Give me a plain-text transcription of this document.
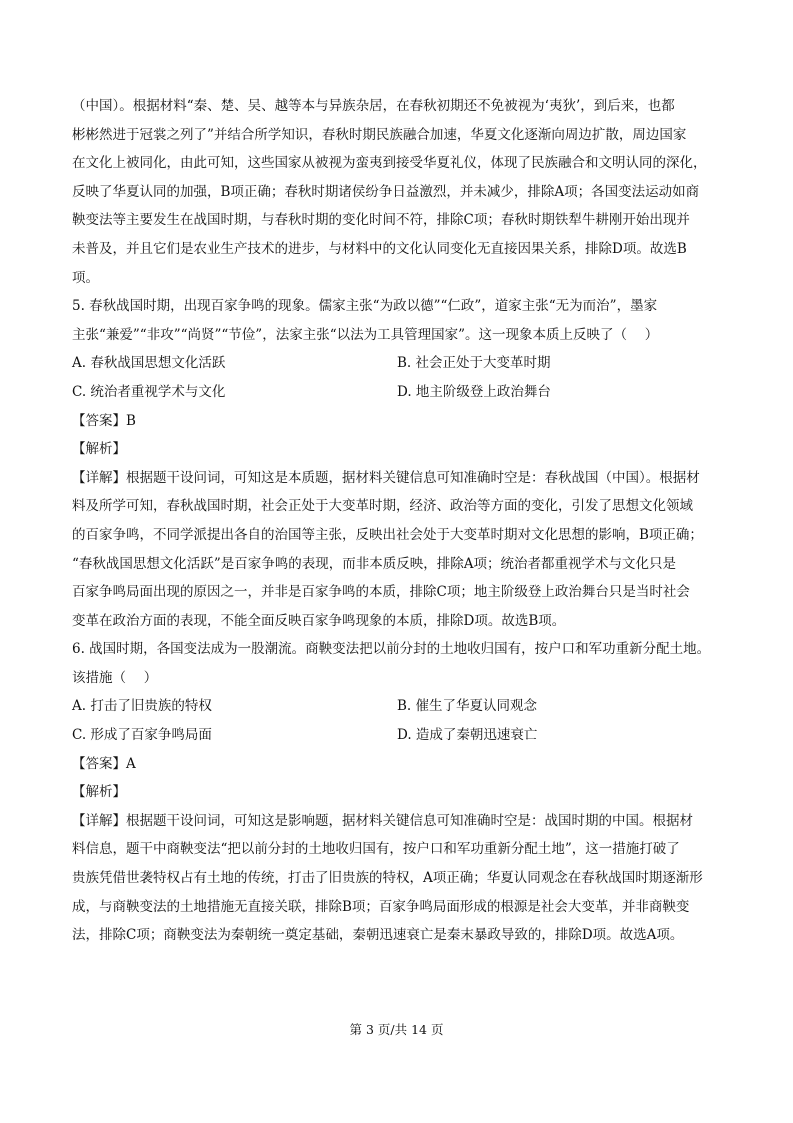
（中国）。根据材料“秦、楚、吴、越等本与异族杂居，在春秋初期还不免被视为‘夷狄’，到后来，也都

彬彬然进于冠裳之列了”并结合所学知识，春秋时期民族融合加速，华夏文化逐渐向周边扩散，周边国家

在文化上被同化，由此可知，这些国家从被视为蛮夷到接受华夏礼仪，体现了民族融合和文明认同的深化，

反映了华夏认同的加强，B项正确；春秋时期诸侯纷争日益激烈，并未减少，排除A项；各国变法运动如商

鞅变法等主要发生在战国时期，与春秋时期的变化时间不符，排除C项；春秋时期铁犁牛耕刚开始出现并

未普及，并且它们是农业生产技术的进步，与材料中的文化认同变化无直接因果关系，排除D项。故选B

项。

5. 春秋战国时期，出现百家争鸣的现象。儒家主张“为政以德”“仁政”，道家主张“无为而治”，墨家

主张“兼爱”“非攻”“尚贤”“节俭”，法家主张“以法为工具管理国家”。这一现象本质上反映了（　 ）

A. 春秋战国思想文化活跃	B. 社会正处于大变革时期
C. 统治者重视学术与文化	D. 地主阶级登上政治舞台

【答案】B

【解析】

【详解】根据题干设问词，可知这是本质题，据材料关键信息可知准确时空是：春秋战国（中国）。根据材

料及所学可知，春秋战国时期，社会正处于大变革时期，经济、政治等方面的变化，引发了思想文化领域

的百家争鸣，不同学派提出各自的治国等主张，反映出社会处于大变革时期对文化思想的影响，B项正确；

“春秋战国思想文化活跃”是百家争鸣的表现，而非本质反映，排除A项；统治者都重视学术与文化只是

百家争鸣局面出现的原因之一，并非是百家争鸣的本质，排除C项；地主阶级登上政治舞台只是当时社会

变革在政治方面的表现，不能全面反映百家争鸣现象的本质，排除D项。故选B项。

6. 战国时期，各国变法成为一股潮流。商鞅变法把以前分封的土地收归国有，按户口和军功重新分配土地。

该措施（　 ）

A. 打击了旧贵族的特权	B. 催生了华夏认同观念
C. 形成了百家争鸣局面	D. 造成了秦朝迅速衰亡

【答案】A

【解析】

【详解】根据题干设问词，可知这是影响题，据材料关键信息可知准确时空是：战国时期的中国。根据材

料信息，题干中商鞅变法“把以前分封的土地收归国有，按户口和军功重新分配土地”，这一措施打破了

贵族凭借世袭特权占有土地的传统，打击了旧贵族的特权，A项正确；华夏认同观念在春秋战国时期逐渐形

成，与商鞅变法的土地措施无直接关联，排除B项；百家争鸣局面形成的根源是社会大变革，并非商鞅变

法，排除C项；商鞅变法为秦朝统一奠定基础，秦朝迅速衰亡是秦末暴政导致的，排除D项。故选A项。

第 3 页/共 14 页
